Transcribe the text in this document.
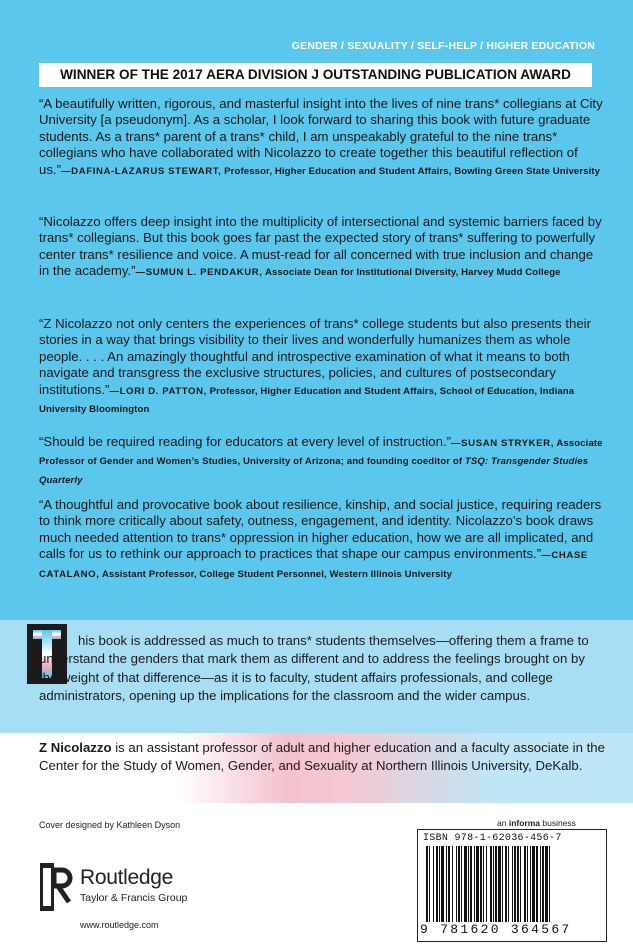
GENDER / SEXUALITY / SELF-HELP / HIGHER EDUCATION
WINNER OF THE 2017 AERA DIVISION J OUTSTANDING PUBLICATION AWARD
“A beautifully written, rigorous, and masterful insight into the lives of nine trans* collegians at City University [a pseudonym]. As a scholar, I look forward to sharing this book with future graduate students. As a trans* parent of a trans* child, I am unspeakably grateful to the nine trans* collegians who have collaborated with Nicolazzo to create together this beautiful reflection of us.”—DAFINA-LAZARUS STEWART, Professor, Higher Education and Student Affairs, Bowling Green State University
“Nicolazzo offers deep insight into the multiplicity of intersectional and systemic barriers faced by trans* collegians. But this book goes far past the expected story of trans* suffering to powerfully center trans* resilience and voice. A must-read for all concerned with true inclusion and change in the academy.”—SUMUN L. PENDAKUR, Associate Dean for Institutional Diversity, Harvey Mudd College
“Z Nicolazzo not only centers the experiences of trans* college students but also presents their stories in a way that brings visibility to their lives and wonderfully humanizes them as whole people. . . . An amazingly thoughtful and introspective examination of what it means to both navigate and transgress the exclusive structures, policies, and cultures of postsecondary institutions.”—LORI D. PATTON, Professor, Higher Education and Student Affairs, School of Education, Indiana University Bloomington
“Should be required reading for educators at every level of instruction.”—SUSAN STRYKER, Associate Professor of Gender and Women’s Studies, University of Arizona; and founding coeditor of TSQ: Transgender Studies Quarterly
“A thoughtful and provocative book about resilience, kinship, and social justice, requiring readers to think more critically about safety, outness, engagement, and identity. Nicolazzo’s book draws much needed attention to trans* oppression in higher education, how we are all implicated, and calls for us to rethink our approach to practices that shape our campus environments.”—CHASE CATALANO, Assistant Professor, College Student Personnel, Western Illinois University
his book is addressed as much to trans* students themselves—offering them a frame to understand the genders that mark them as different and to address the feelings brought on by the weight of that difference—as it is to faculty, student affairs professionals, and college administrators, opening up the implications for the classroom and the wider campus.
Z Nicolazzo is an assistant professor of adult and higher education and a faculty associate in the Center for the Study of Women, Gender, and Sexuality at Northern Illinois University, DeKalb.
Cover designed by Kathleen Dyson	an informa business
ISBN 978-1-62036-456-7
9 781620 364567
Routledge
Taylor & Francis Group
www.routledge.com
